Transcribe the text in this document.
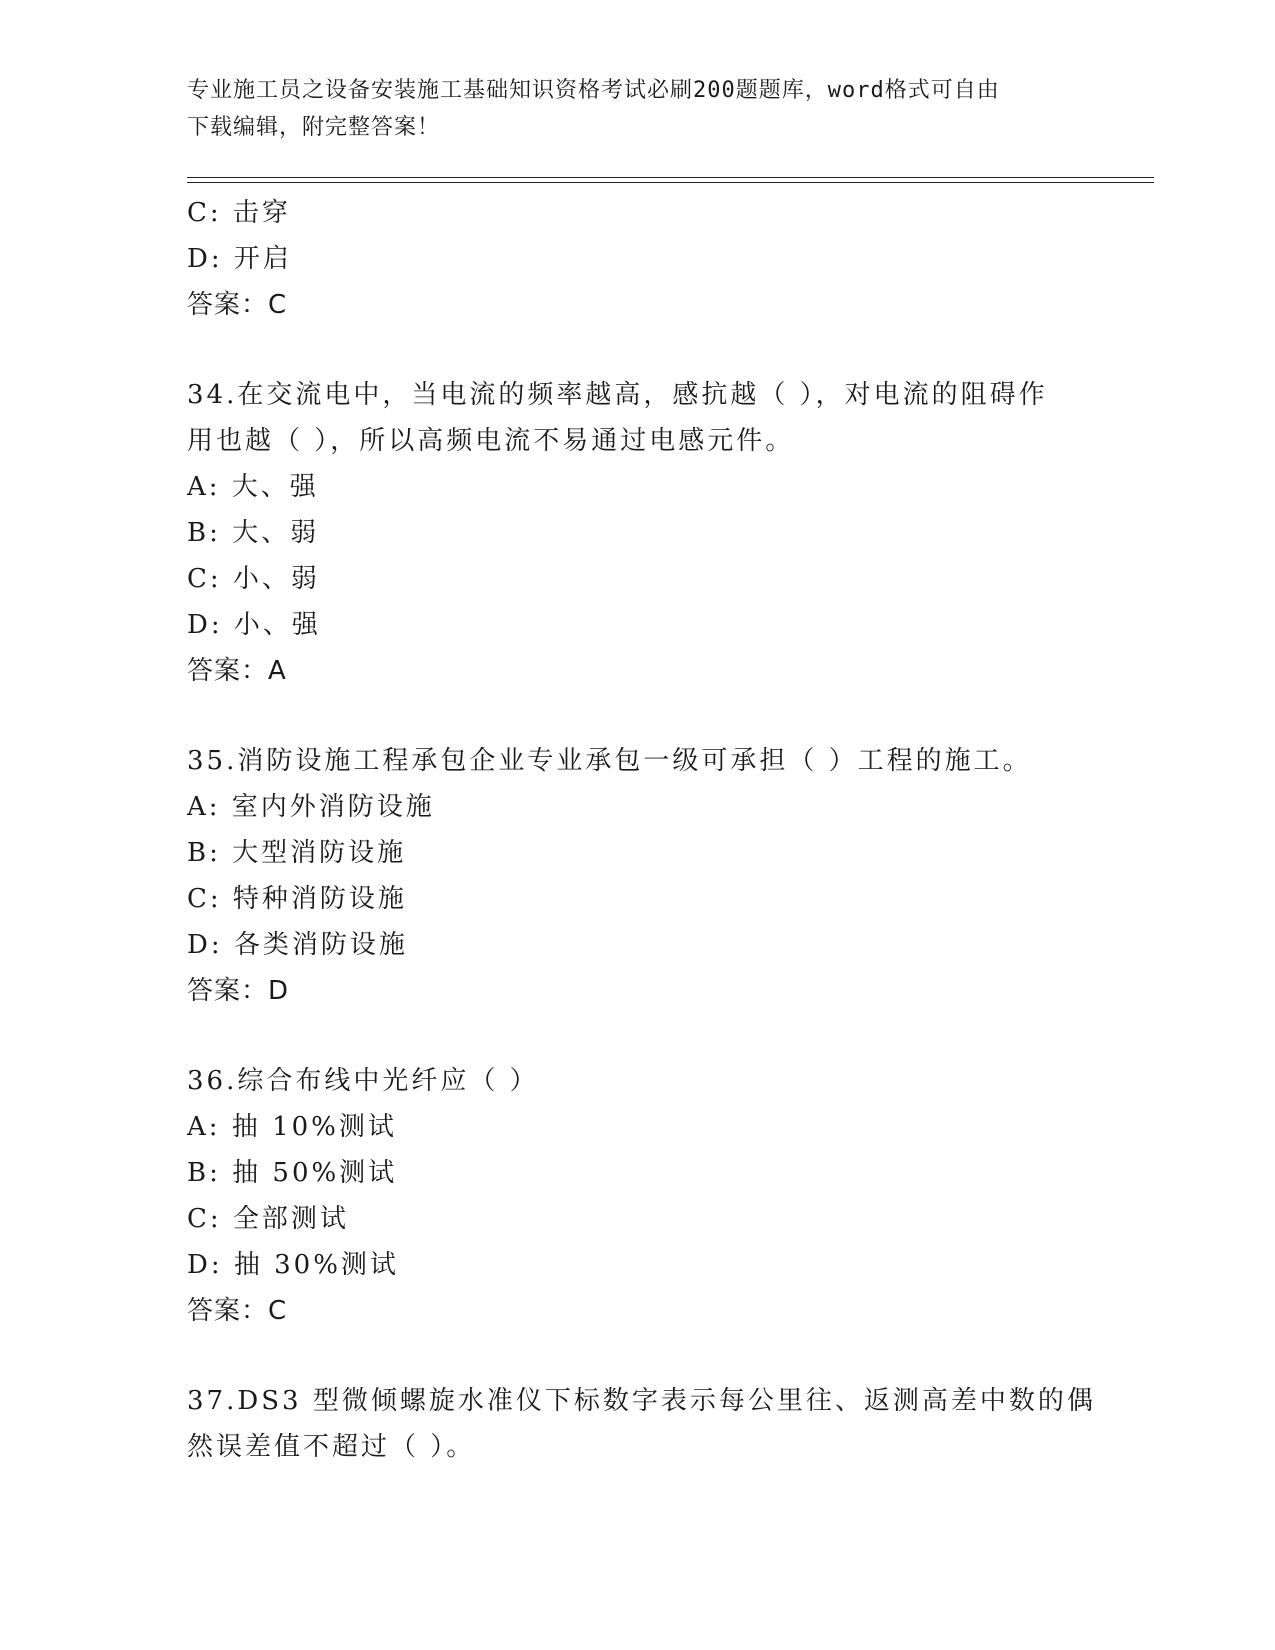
专业施工员之设备安装施工基础知识资格考试必刷200题题库，word格式可自由
下载编辑，附完整答案！
C: 击穿
D: 开启
答案：C
34.在交流电中，当电流的频率越高，感抗越（ ），对电流的阻碍作
用也越（ ），所以高频电流不易通过电感元件。
A: 大、强
B: 大、弱
C: 小、弱
D: 小、强
答案：A
35.消防设施工程承包企业专业承包一级可承担（ ）工程的施工。
A: 室内外消防设施
B: 大型消防设施
C: 特种消防设施
D: 各类消防设施
答案：D
36.综合布线中光纤应（ ）
A: 抽 10%测试
B: 抽 50%测试
C: 全部测试
D: 抽 30%测试
答案：C
37.DS3 型微倾螺旋水准仪下标数字表示每公里往、返测高差中数的偶
然误差值不超过（ ）。
